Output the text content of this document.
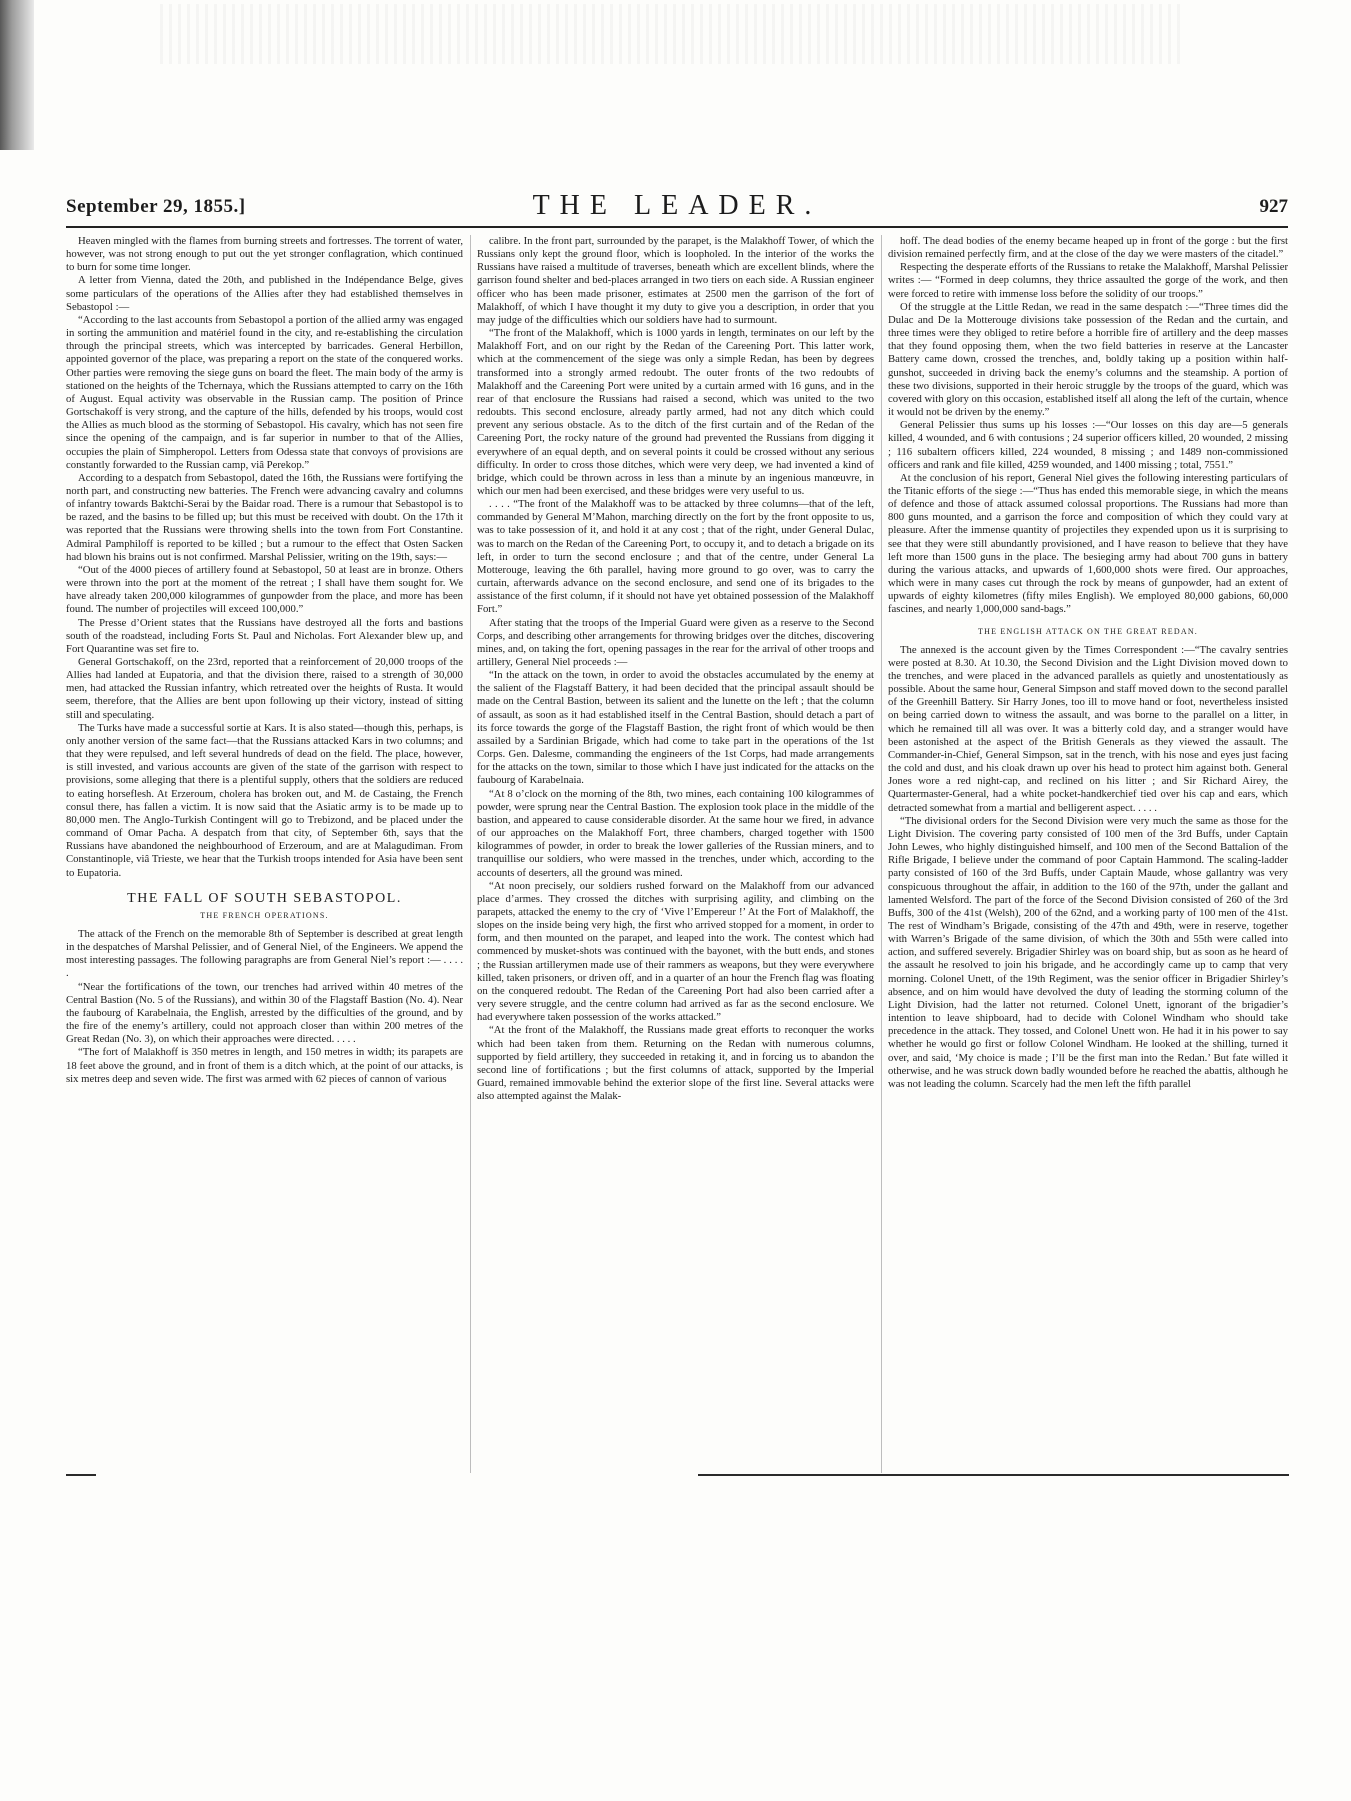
September 29, 1855.]	THE LEADER.	927

Heaven mingled with the flames from burning streets and fortresses. The torrent of water, however, was not strong enough to put out the yet stronger conflagration, which continued to burn for some time longer.

A letter from Vienna, dated the 20th, and published in the Indépendance Belge, gives some particulars of the operations of the Allies after they had established themselves in Sebastopol :—

“According to the last accounts from Sebastopol a portion of the allied army was engaged in sorting the ammunition and matériel found in the city, and re-establishing the circulation through the principal streets, which was intercepted by barricades. General Herbillon, appointed governor of the place, was preparing a report on the state of the conquered works. Other parties were removing the siege guns on board the fleet. The main body of the army is stationed on the heights of the Tchernaya, which the Russians attempted to carry on the 16th of August. Equal activity was observable in the Russian camp. The position of Prince Gortschakoff is very strong, and the capture of the hills, defended by his troops, would cost the Allies as much blood as the storming of Sebastopol. His cavalry, which has not seen fire since the opening of the campaign, and is far superior in number to that of the Allies, occupies the plain of Simpheropol. Letters from Odessa state that convoys of provisions are constantly forwarded to the Russian camp, viâ Perekop.”

According to a despatch from Sebastopol, dated the 16th, the Russians were fortifying the north part, and constructing new batteries. The French were advancing cavalry and columns of infantry towards Baktchi-Serai by the Baidar road. There is a rumour that Sebastopol is to be razed, and the basins to be filled up; but this must be received with doubt. On the 17th it was reported that the Russians were throwing shells into the town from Fort Constantine. Admiral Pamphiloff is reported to be killed ; but a rumour to the effect that Osten Sacken had blown his brains out is not confirmed. Marshal Pelissier, writing on the 19th, says:—

“Out of the 4000 pieces of artillery found at Sebastopol, 50 at least are in bronze. Others were thrown into the port at the moment of the retreat ; I shall have them sought for. We have already taken 200,000 kilogrammes of gunpowder from the place, and more has been found. The number of projectiles will exceed 100,000.”

The Presse d’Orient states that the Russians have destroyed all the forts and bastions south of the roadstead, including Forts St. Paul and Nicholas. Fort Alexander blew up, and Fort Quarantine was set fire to.

General Gortschakoff, on the 23rd, reported that a reinforcement of 20,000 troops of the Allies had landed at Eupatoria, and that the division there, raised to a strength of 30,000 men, had attacked the Russian infantry, which retreated over the heights of Rusta. It would seem, therefore, that the Allies are bent upon following up their victory, instead of sitting still and speculating.

The Turks have made a successful sortie at Kars. It is also stated—though this, perhaps, is only another version of the same fact—that the Russians attacked Kars in two columns; and that they were repulsed, and left several hundreds of dead on the field. The place, however, is still invested, and various accounts are given of the state of the garrison with respect to provisions, some alleging that there is a plentiful supply, others that the soldiers are reduced to eating horseflesh. At Erzeroum, cholera has broken out, and M. de Castaing, the French consul there, has fallen a victim. It is now said that the Asiatic army is to be made up to 80,000 men. The Anglo-Turkish Contingent will go to Trebizond, and be placed under the command of Omar Pacha. A despatch from that city, of September 6th, says that the Russians have abandoned the neighbourhood of Erzeroum, and are at Malagudiman. From Constantinople, viâ Trieste, we hear that the Turkish troops intended for Asia have been sent to Eupatoria.

THE FALL OF SOUTH SEBASTOPOL.
THE FRENCH OPERATIONS.

The attack of the French on the memorable 8th of September is described at great length in the despatches of Marshal Pelissier, and of General Niel, of the Engineers. We append the most interesting passages. The following paragraphs are from General Niel’s report :— . . . . .

“Near the fortifications of the town, our trenches had arrived within 40 metres of the Central Bastion (No. 5 of the Russians), and within 30 of the Flagstaff Bastion (No. 4). Near the faubourg of Karabelnaia, the English, arrested by the difficulties of the ground, and by the fire of the enemy’s artillery, could not approach closer than within 200 metres of the Great Redan (No. 3), on which their approaches were directed. . . . .

“The fort of Malakhoff is 350 metres in length, and 150 metres in width; its parapets are 18 feet above the ground, and in front of them is a ditch which, at the point of our attacks, is six metres deep and seven wide. The first was armed with 62 pieces of cannon of various

calibre. In the front part, surrounded by the parapet, is the Malakhoff Tower, of which the Russians only kept the ground floor, which is loopholed. In the interior of the works the Russians have raised a multitude of traverses, beneath which are excellent blinds, where the garrison found shelter and bed-places arranged in two tiers on each side. A Russian engineer officer who has been made prisoner, estimates at 2500 men the garrison of the fort of Malakhoff, of which I have thought it my duty to give you a description, in order that you may judge of the difficulties which our soldiers have had to surmount.

“The front of the Malakhoff, which is 1000 yards in length, terminates on our left by the Malakhoff Fort, and on our right by the Redan of the Careening Port. This latter work, which at the commencement of the siege was only a simple Redan, has been by degrees transformed into a strongly armed redoubt. The outer fronts of the two redoubts of Malakhoff and the Careening Port were united by a curtain armed with 16 guns, and in the rear of that enclosure the Russians had raised a second, which was united to the two redoubts. This second enclosure, already partly armed, had not any ditch which could prevent any serious obstacle. As to the ditch of the first curtain and of the Redan of the Careening Port, the rocky nature of the ground had prevented the Russians from digging it everywhere of an equal depth, and on several points it could be crossed without any serious difficulty. In order to cross those ditches, which were very deep, we had invented a kind of bridge, which could be thrown across in less than a minute by an ingenious manœuvre, in which our men had been exercised, and these bridges were very useful to us.

. . . . “The front of the Malakhoff was to be attacked by three columns—that of the left, commanded by General M’Mahon, marching directly on the fort by the front opposite to us, was to take possession of it, and hold it at any cost ; that of the right, under General Dulac, was to march on the Redan of the Careening Port, to occupy it, and to detach a brigade on its left, in order to turn the second enclosure ; and that of the centre, under General La Motterouge, leaving the 6th parallel, having more ground to go over, was to carry the curtain, afterwards advance on the second enclosure, and send one of its brigades to the assistance of the first column, if it should not have yet obtained possession of the Malakhoff Fort.”

After stating that the troops of the Imperial Guard were given as a reserve to the Second Corps, and describing other arrangements for throwing bridges over the ditches, discovering mines, and, on taking the fort, opening passages in the rear for the arrival of other troops and artillery, General Niel proceeds :—

“In the attack on the town, in order to avoid the obstacles accumulated by the enemy at the salient of the Flagstaff Battery, it had been decided that the principal assault should be made on the Central Bastion, between its salient and the lunette on the left ; that the column of assault, as soon as it had established itself in the Central Bastion, should detach a part of its force towards the gorge of the Flagstaff Bastion, the right front of which would be then assailed by a Sardinian Brigade, which had come to take part in the operations of the 1st Corps. Gen. Dalesme, commanding the engineers of the 1st Corps, had made arrangements for the attacks on the town, similar to those which I have just indicated for the attacks on the faubourg of Karabelnaia.

“At 8 o’clock on the morning of the 8th, two mines, each containing 100 kilogrammes of powder, were sprung near the Central Bastion. The explosion took place in the middle of the bastion, and appeared to cause considerable disorder. At the same hour we fired, in advance of our approaches on the Malakhoff Fort, three chambers, charged together with 1500 kilogrammes of powder, in order to break the lower galleries of the Russian miners, and to tranquillise our soldiers, who were massed in the trenches, under which, according to the accounts of deserters, all the ground was mined.

“At noon precisely, our soldiers rushed forward on the Malakhoff from our advanced place d’armes. They crossed the ditches with surprising agility, and climbing on the parapets, attacked the enemy to the cry of ‘Vive l’Empereur !’ At the Fort of Malakhoff, the slopes on the inside being very high, the first who arrived stopped for a moment, in order to form, and then mounted on the parapet, and leaped into the work. The contest which had commenced by musket-shots was continued with the bayonet, with the butt ends, and stones ; the Russian artillerymen made use of their rammers as weapons, but they were everywhere killed, taken prisoners, or driven off, and in a quarter of an hour the French flag was floating on the conquered redoubt. The Redan of the Careening Port had also been carried after a very severe struggle, and the centre column had arrived as far as the second enclosure. We had everywhere taken possession of the works attacked.”

“At the front of the Malakhoff, the Russians made great efforts to reconquer the works which had been taken from them. Returning on the Redan with numerous columns, supported by field artillery, they succeeded in retaking it, and in forcing us to abandon the second line of fortifications ; but the first columns of attack, supported by the Imperial Guard, remained immovable behind the exterior slope of the first line. Several attacks were also attempted against the Malak-

hoff. The dead bodies of the enemy became heaped up in front of the gorge : but the first division remained perfectly firm, and at the close of the day we were masters of the citadel.”

Respecting the desperate efforts of the Russians to retake the Malakhoff, Marshal Pelissier writes :— “Formed in deep columns, they thrice assaulted the gorge of the work, and then were forced to retire with immense loss before the solidity of our troops.”

Of the struggle at the Little Redan, we read in the same despatch :—“Three times did the Dulac and De la Motterouge divisions take possession of the Redan and the curtain, and three times were they obliged to retire before a horrible fire of artillery and the deep masses that they found opposing them, when the two field batteries in reserve at the Lancaster Battery came down, crossed the trenches, and, boldly taking up a position within half-gunshot, succeeded in driving back the enemy’s columns and the steamship. A portion of these two divisions, supported in their heroic struggle by the troops of the guard, which was covered with glory on this occasion, established itself all along the left of the curtain, whence it would not be driven by the enemy.”

General Pelissier thus sums up his losses :—“Our losses on this day are—5 generals killed, 4 wounded, and 6 with contusions ; 24 superior officers killed, 20 wounded, 2 missing ; 116 subaltern officers killed, 224 wounded, 8 missing ; and 1489 non-commissioned officers and rank and file killed, 4259 wounded, and 1400 missing ; total, 7551.”

At the conclusion of his report, General Niel gives the following interesting particulars of the Titanic efforts of the siege :—“Thus has ended this memorable siege, in which the means of defence and those of attack assumed colossal proportions. The Russians had more than 800 guns mounted, and a garrison the force and composition of which they could vary at pleasure. After the immense quantity of projectiles they expended upon us it is surprising to see that they were still abundantly provisioned, and I have reason to believe that they have left more than 1500 guns in the place. The besieging army had about 700 guns in battery during the various attacks, and upwards of 1,600,000 shots were fired. Our approaches, which were in many cases cut through the rock by means of gunpowder, had an extent of upwards of eighty kilometres (fifty miles English). We employed 80,000 gabions, 60,000 fascines, and nearly 1,000,000 sand-bags.”

THE ENGLISH ATTACK ON THE GREAT REDAN.

The annexed is the account given by the Times Correspondent :—“The cavalry sentries were posted at 8.30. At 10.30, the Second Division and the Light Division moved down to the trenches, and were placed in the advanced parallels as quietly and unostentatiously as possible. About the same hour, General Simpson and staff moved down to the second parallel of the Greenhill Battery. Sir Harry Jones, too ill to move hand or foot, nevertheless insisted on being carried down to witness the assault, and was borne to the parallel on a litter, in which he remained till all was over. It was a bitterly cold day, and a stranger would have been astonished at the aspect of the British Generals as they viewed the assault. The Commander-in-Chief, General Simpson, sat in the trench, with his nose and eyes just facing the cold and dust, and his cloak drawn up over his head to protect him against both. General Jones wore a red night-cap, and reclined on his litter ; and Sir Richard Airey, the Quartermaster-General, had a white pocket-handkerchief tied over his cap and ears, which detracted somewhat from a martial and belligerent aspect. . . . .

“The divisional orders for the Second Division were very much the same as those for the Light Division. The covering party consisted of 100 men of the 3rd Buffs, under Captain John Lewes, who highly distinguished himself, and 100 men of the Second Battalion of the Rifle Brigade, I believe under the command of poor Captain Hammond. The scaling-ladder party consisted of 160 of the 3rd Buffs, under Captain Maude, whose gallantry was very conspicuous throughout the affair, in addition to the 160 of the 97th, under the gallant and lamented Welsford. The part of the force of the Second Division consisted of 260 of the 3rd Buffs, 300 of the 41st (Welsh), 200 of the 62nd, and a working party of 100 men of the 41st. The rest of Windham’s Brigade, consisting of the 47th and 49th, were in reserve, together with Warren’s Brigade of the same division, of which the 30th and 55th were called into action, and suffered severely. Brigadier Shirley was on board ship, but as soon as he heard of the assault he resolved to join his brigade, and he accordingly came up to camp that very morning. Colonel Unett, of the 19th Regiment, was the senior officer in Brigadier Shirley’s absence, and on him would have devolved the duty of leading the storming column of the Light Division, had the latter not returned. Colonel Unett, ignorant of the brigadier’s intention to leave shipboard, had to decide with Colonel Windham who should take precedence in the attack. They tossed, and Colonel Unett won. He had it in his power to say whether he would go first or follow Colonel Windham. He looked at the shilling, turned it over, and said, ‘My choice is made ; I’ll be the first man into the Redan.’ But fate willed it otherwise, and he was struck down badly wounded before he reached the abattis, although he was not leading the column. Scarcely had the men left the fifth parallel
